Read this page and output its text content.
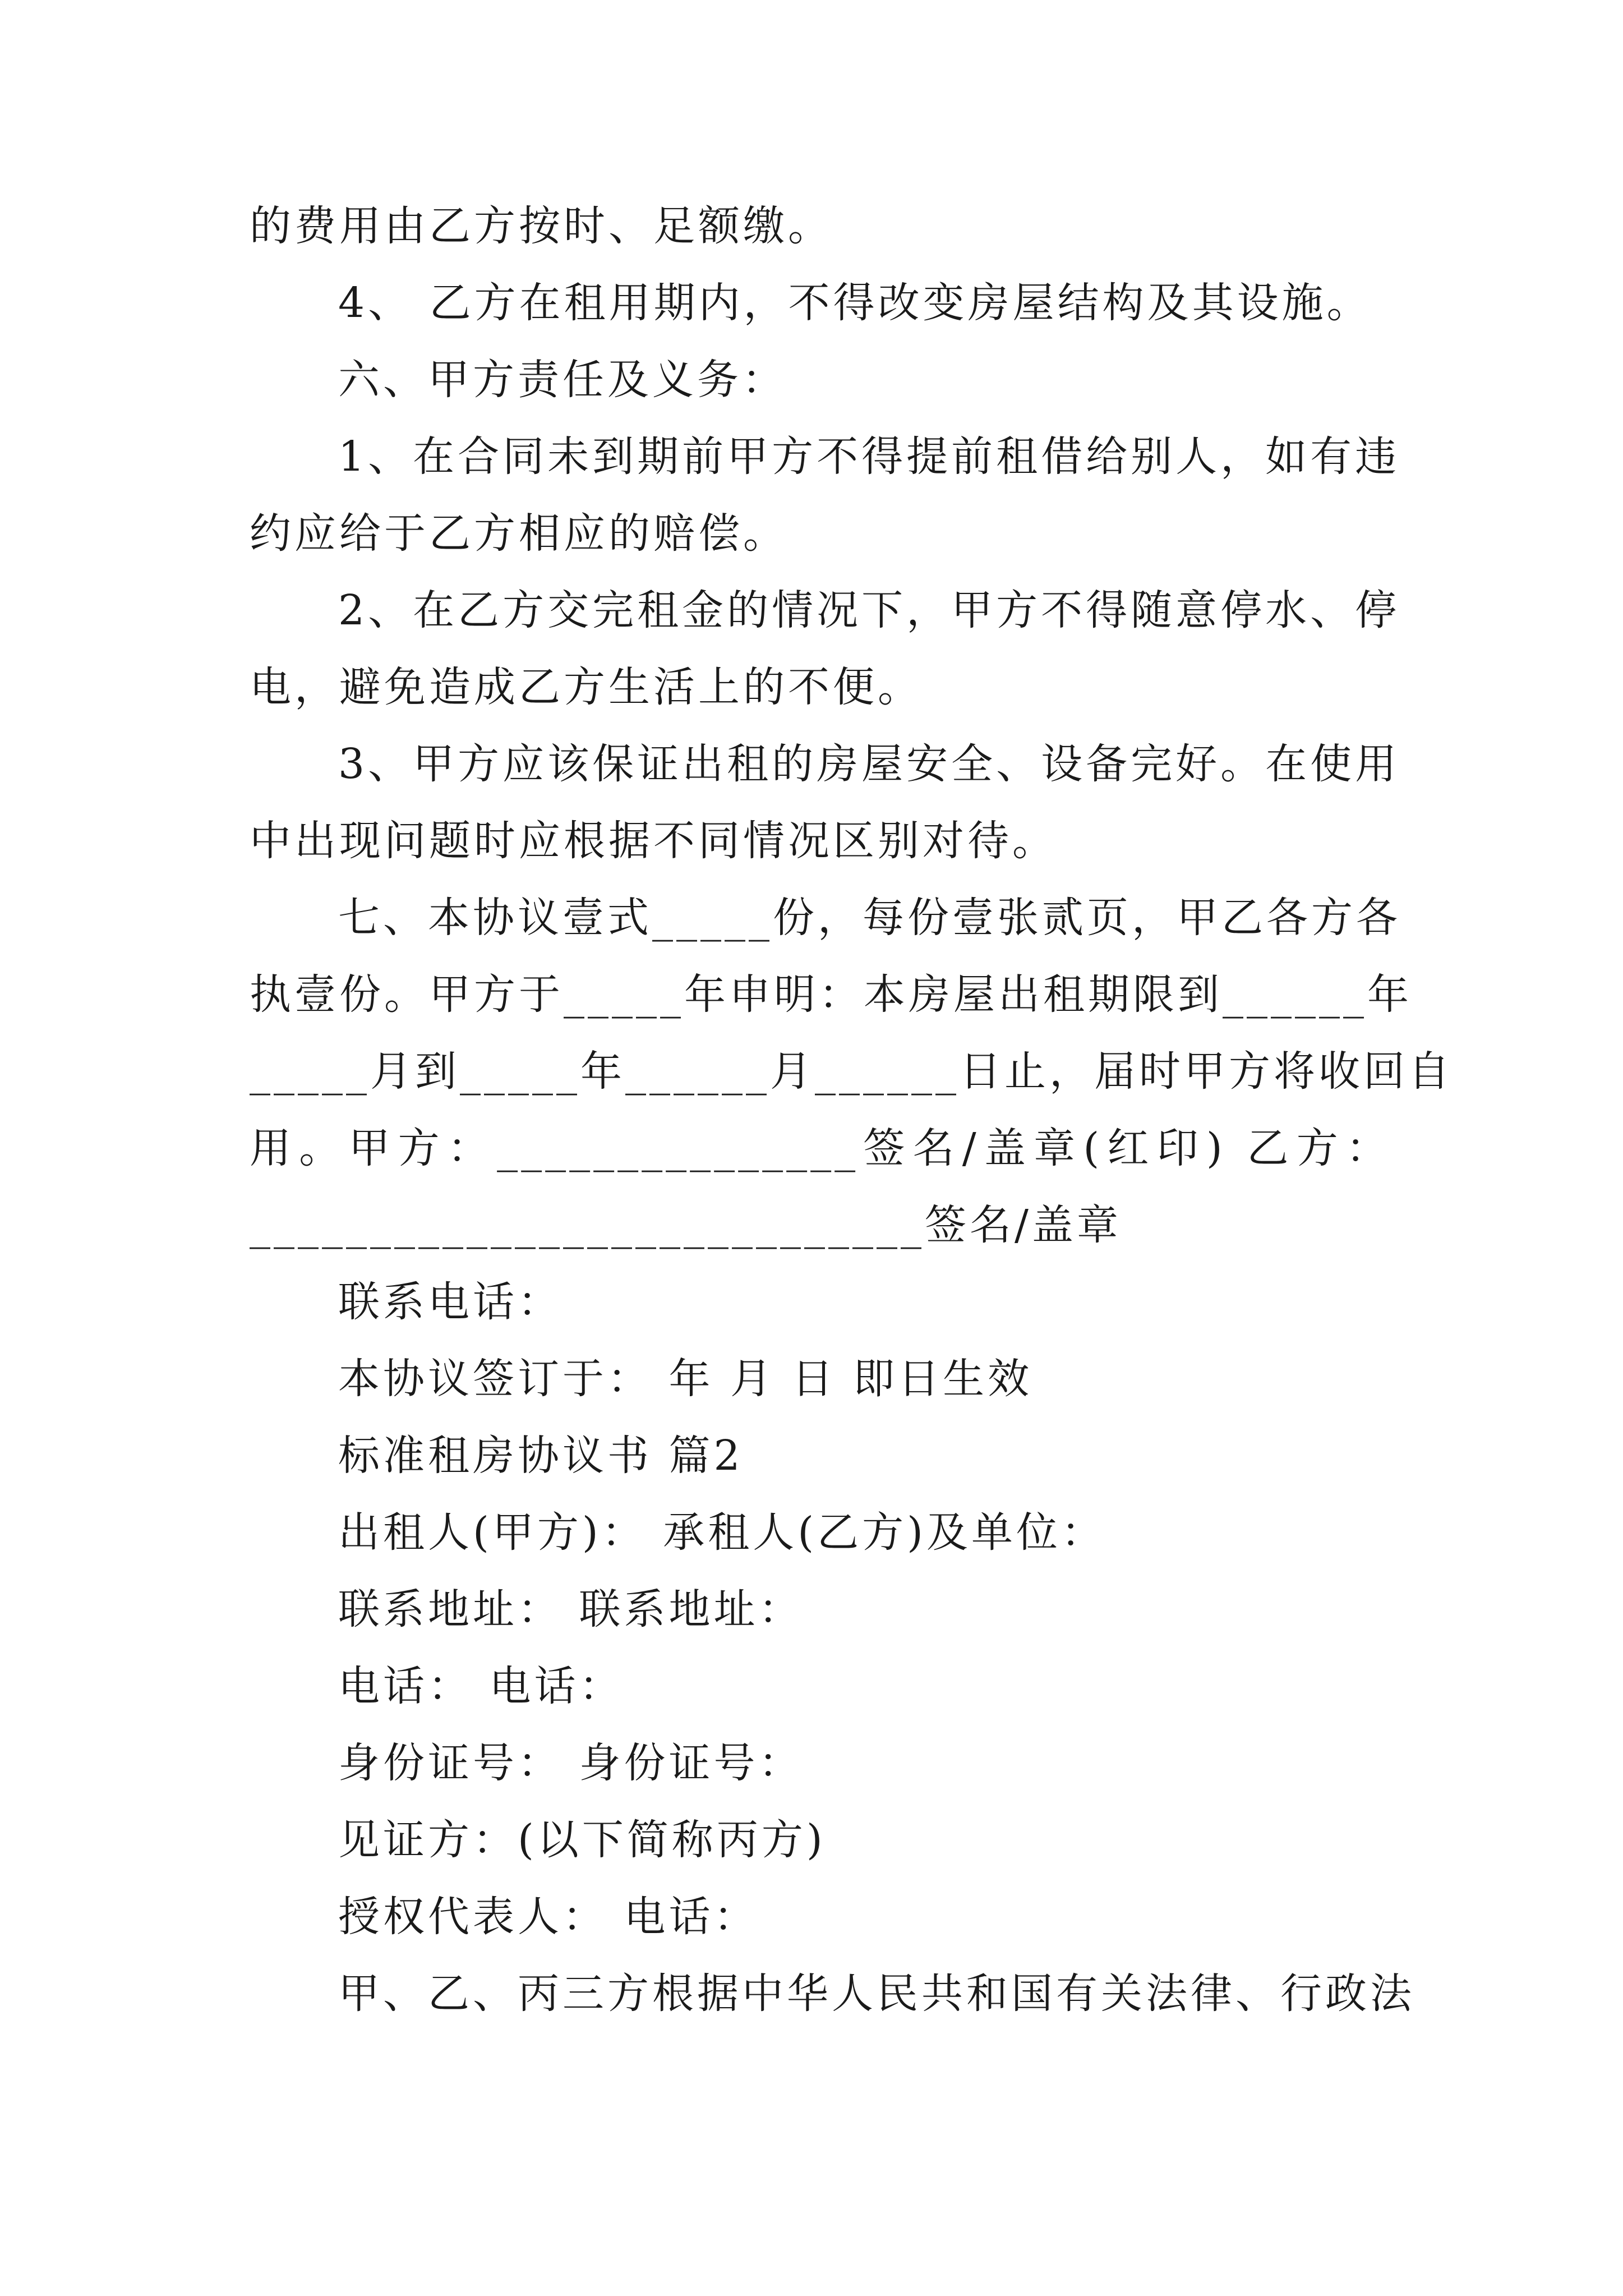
的费用由乙方按时、足额缴。
4、 乙方在租用期内，不得改变房屋结构及其设施。
六、甲方责任及义务：
1、在合同未到期前甲方不得提前租借给别人，如有违
约应给于乙方相应的赔偿。
2、在乙方交完租金的情况下，甲方不得随意停水、停
电，避免造成乙方生活上的不便。
3、甲方应该保证出租的房屋安全、设备完好。在使用
中出现问题时应根据不同情况区别对待。
七、本协议壹式_____份，每份壹张贰页，甲乙各方各
执壹份。甲方于_____年申明：本房屋出租期限到______年
_____月到_____年______月______日止，届时甲方将收回自
用。甲方：_______________签名/盖章(红印) 乙方：
____________________________签名/盖章
联系电话：
本协议签订于： 年 月 日 即日生效
标准租房协议书 篇2
出租人(甲方)： 承租人(乙方)及单位：
联系地址： 联系地址：
电话： 电话：
身份证号： 身份证号：
见证方：(以下简称丙方)
授权代表人： 电话：
甲、乙、丙三方根据中华人民共和国有关法律、行政法
